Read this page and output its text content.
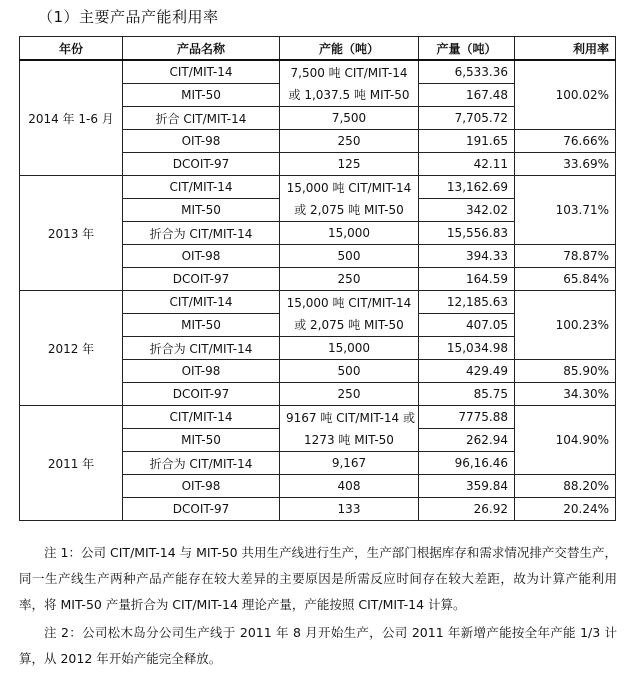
（1）主要产品产能利用率
年份	产品名称	产能（吨）	产量（吨）	利用率
2014 年 1-6 月	CIT/MIT-14	7,500 吨 CIT/MIT-14	6,533.36	100.02%
	MIT-50	或 1,037.5 吨 MIT-50	167.48	
	折合 CIT/MIT-14	7,500	7,705.72	
	OIT-98	250	191.65	76.66%
	DCOIT-97	125	42.11	33.69%
2013 年	CIT/MIT-14	15,000 吨 CIT/MIT-14	13,162.69	103.71%
	MIT-50	或 2,075 吨 MIT-50	342.02	
	折合为 CIT/MIT-14	15,000	15,556.83	
	OIT-98	500	394.33	78.87%
	DCOIT-97	250	164.59	65.84%
2012 年	CIT/MIT-14	15,000 吨 CIT/MIT-14	12,185.63	100.23%
	MIT-50	或 2,075 吨 MIT-50	407.05	
	折合为 CIT/MIT-14	15,000	15,034.98	
	OIT-98	500	429.49	85.90%
	DCOIT-97	250	85.75	34.30%
2011 年	CIT/MIT-14	9167 吨 CIT/MIT-14 或	7775.88	104.90%
	MIT-50	1273 吨 MIT-50	262.94	
	折合为 CIT/MIT-14	9,167	96,16.46	
	OIT-98	408	359.84	88.20%
	DCOIT-97	133	26.92	20.24%

注 1：公司 CIT/MIT-14 与 MIT-50 共用生产线进行生产，生产部门根据库存和需求情况排产交替生产，同一生产线生产两种产品产能存在较大差异的主要原因是所需反应时间存在较大差距，故为计算产能利用率，将 MIT-50 产量折合为 CIT/MIT-14 理论产量，产能按照 CIT/MIT-14 计算。

注 2：公司松木岛分公司生产线于 2011 年 8 月开始生产，公司 2011 年新增产能按全年产能 1/3 计算，从 2012 年开始产能完全释放。
